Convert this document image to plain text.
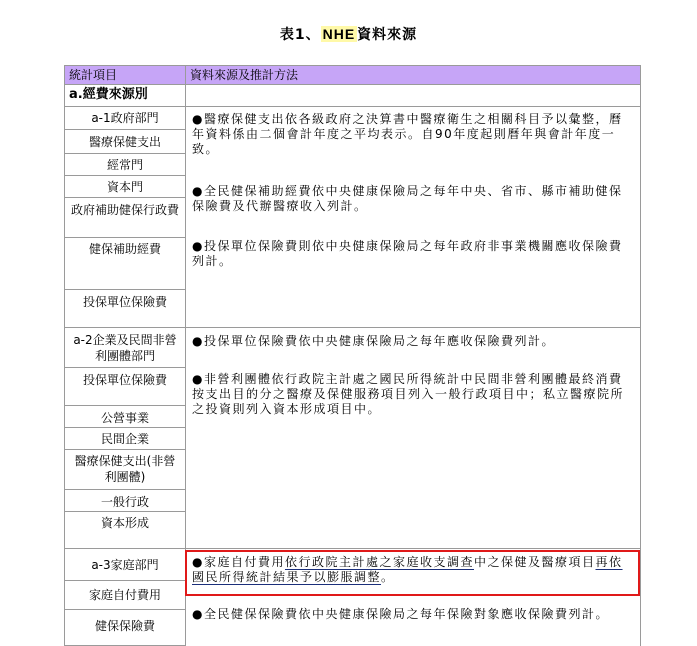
表1、 NHE 資料來源
統計項目	資料來源及推計方法
a.經費來源別
a-1政府部門
醫療保健支出
經常門
資本門
政府補助健保行政費
健保補助經費
投保單位保險費
●醫療保健支出依各級政府之決算書中醫療衛生之相關科目予以彙整，曆年資料係由二個會計年度之平均表示。自90年度起則曆年與會計年度一致。
●全民健保補助經費依中央健康保險局之每年中央、省市、縣市補助健保保險費及代辦醫療收入列計。
●投保單位保險費則依中央健康保險局之每年政府非事業機關應收保險費列計。
a-2企業及民間非營利團體部門
投保單位保險費
公營事業
民間企業
醫療保健支出(非營利團體)
一般行政
資本形成
●投保單位保險費依中央健康保險局之每年應收保險費列計。
●非營利團體依行政院主計處之國民所得統計中民間非營利團體最終消費按支出目的分之醫療及保健服務項目列入一般行政項目中；私立醫療院所之投資則列入資本形成項目中。
a-3家庭部門
家庭自付費用
健保保險費
●家庭自付費用依行政院主計處之家庭收支調查中之保健及醫療項目再依國民所得統計結果予以膨脹調整。
●全民健保保險費依中央健康保險局之每年保險對象應收保險費列計。
